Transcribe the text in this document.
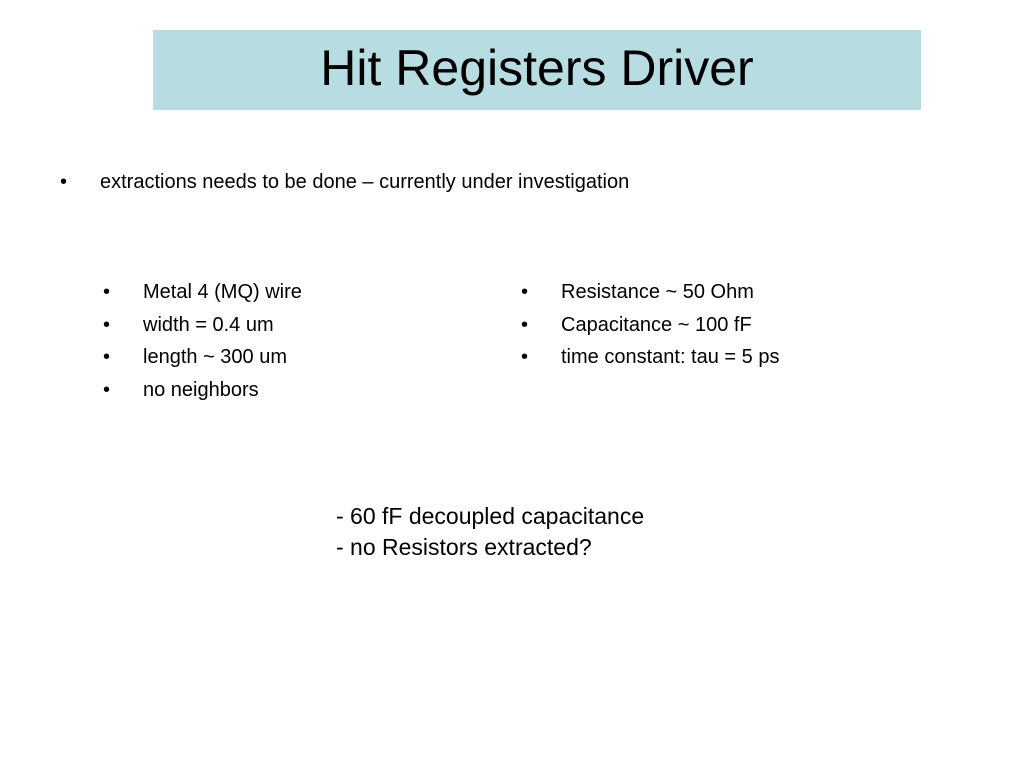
Hit Registers Driver
• extractions needs to be done – currently under investigation
• Metal 4 (MQ) wire
• width = 0.4 um
• length ~ 300 um
• no neighbors
• Resistance ~ 50 Ohm
• Capacitance ~ 100 fF
• time constant: tau = 5 ps
- 60 fF decoupled capacitance
- no Resistors extracted?
